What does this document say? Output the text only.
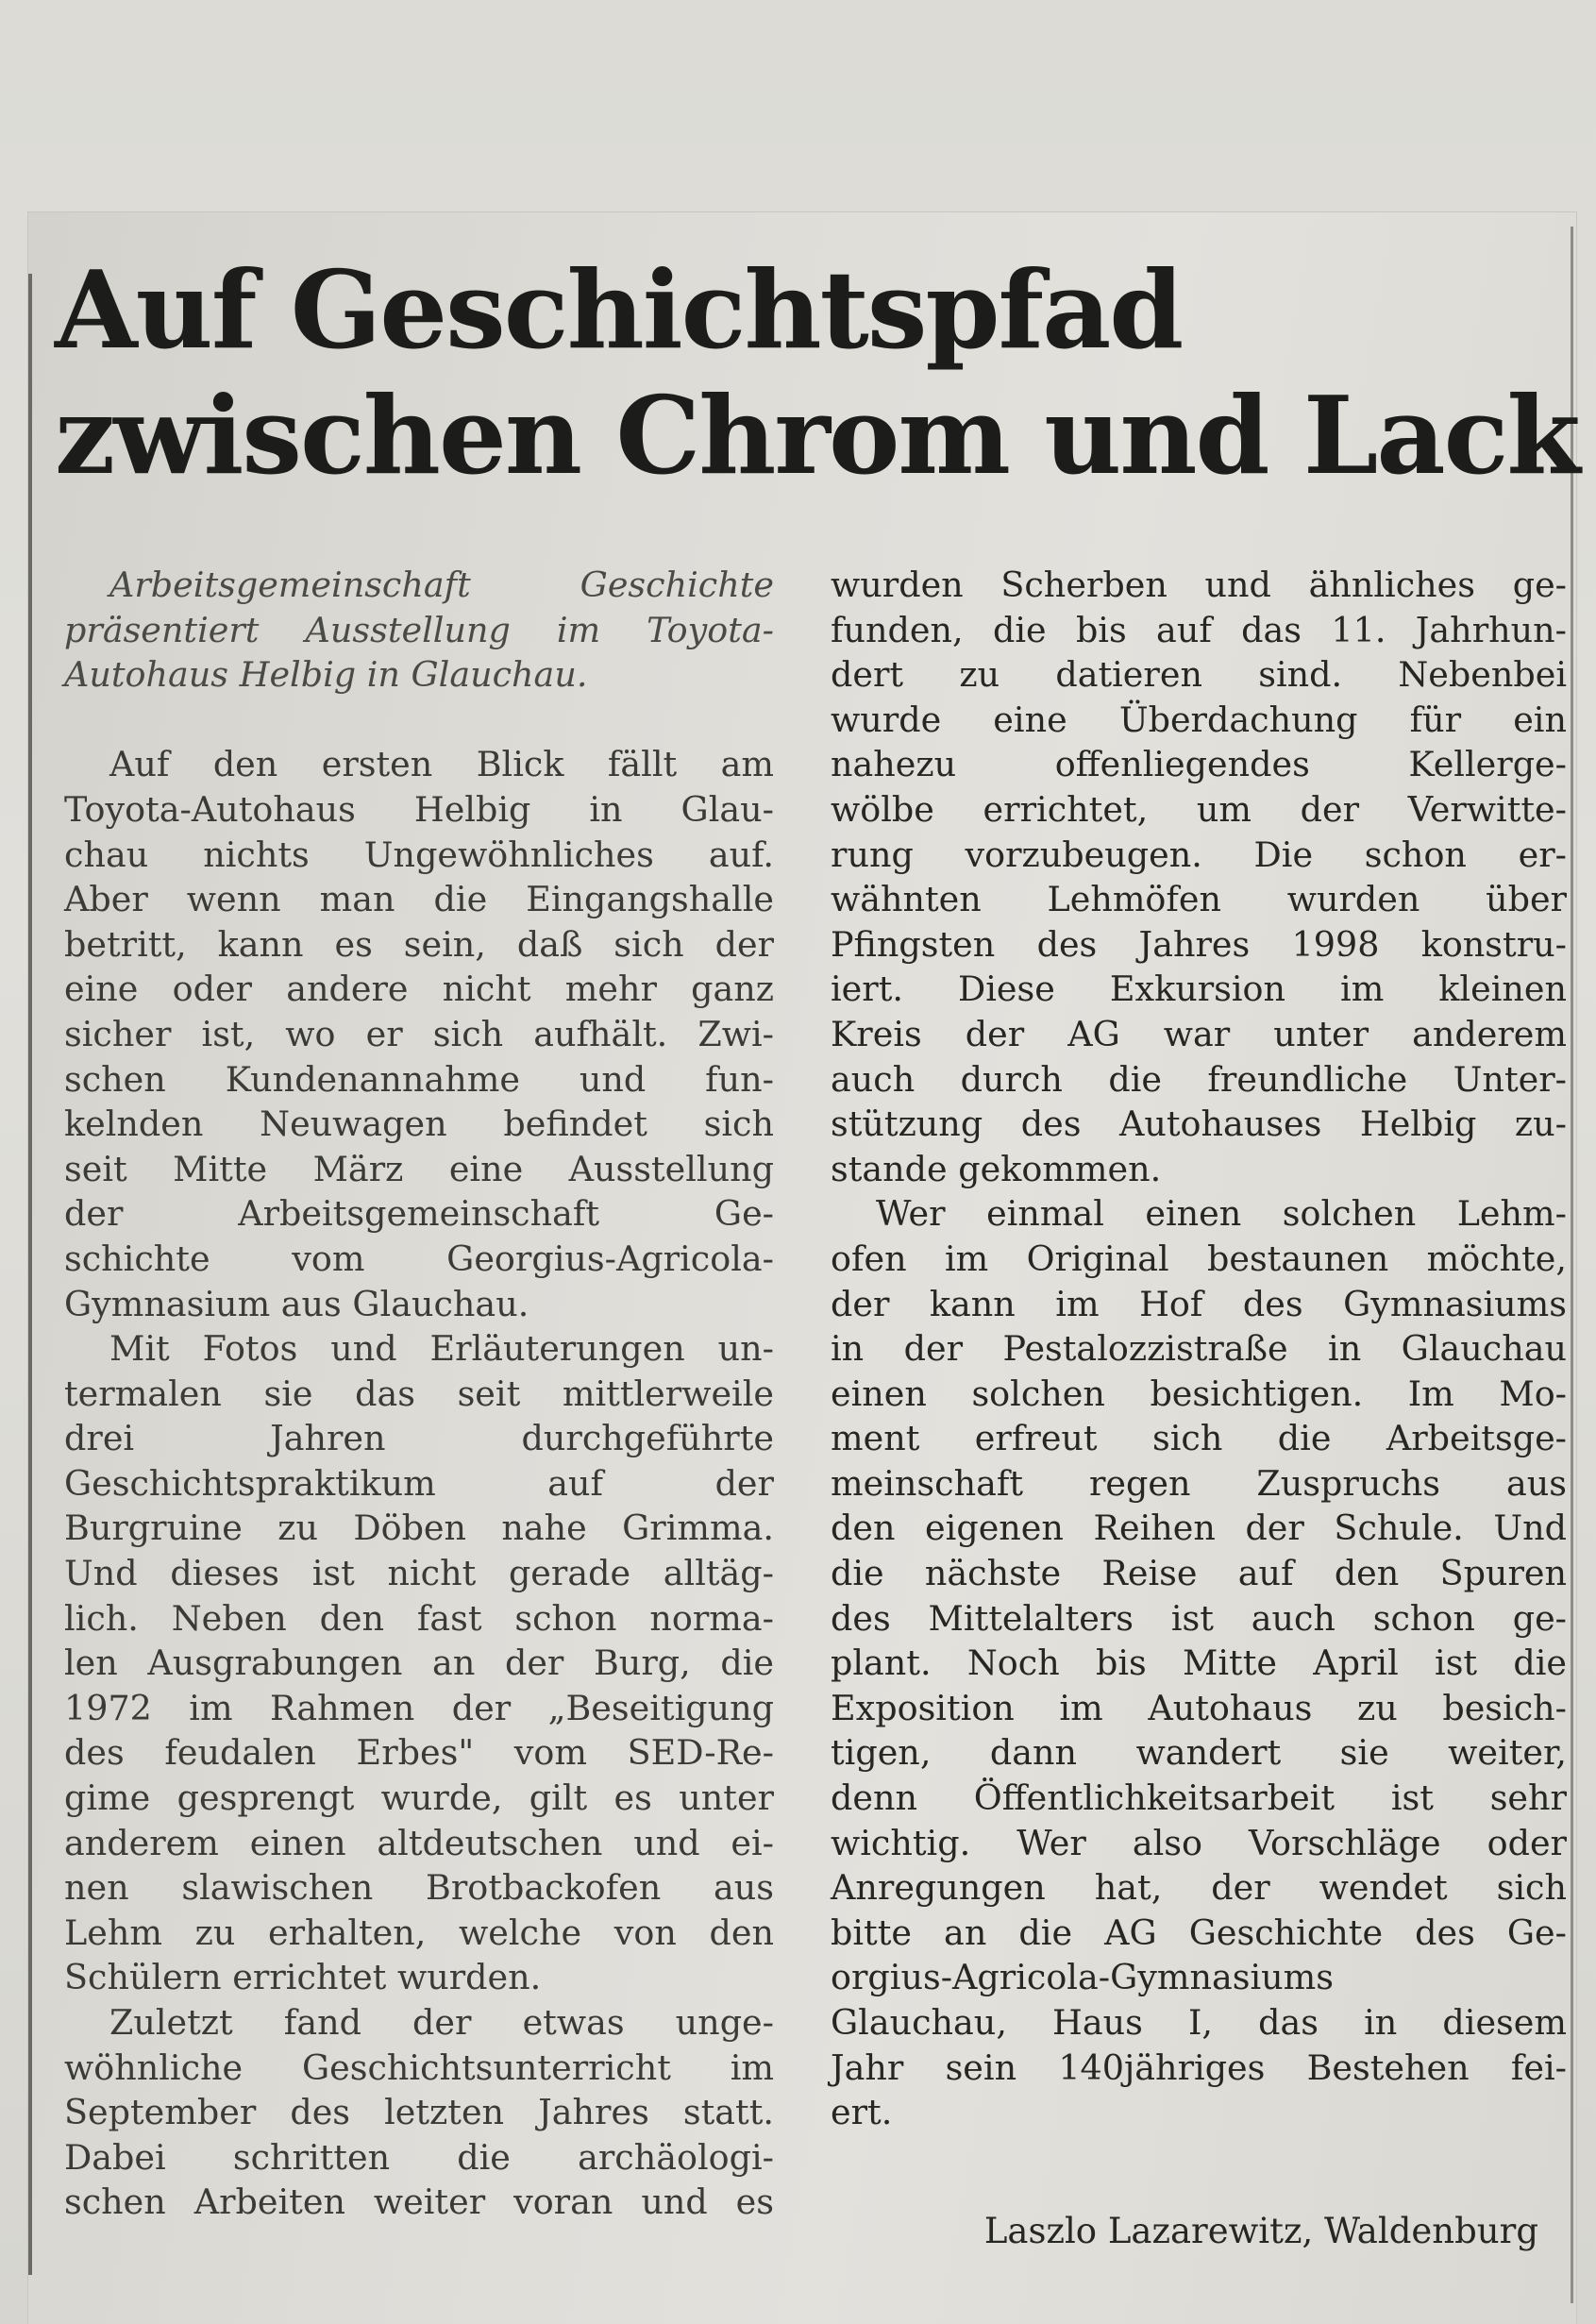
Auf Geschichtspfad
zwischen Chrom und Lack
Arbeitsgemeinschaft Geschichte
präsentiert Ausstellung im Toyota-
Autohaus Helbig in Glauchau.
Auf den ersten Blick fällt am
Toyota-Autohaus Helbig in Glau-
chau nichts Ungewöhnliches auf.
Aber wenn man die Eingangshalle
betritt, kann es sein, daß sich der
eine oder andere nicht mehr ganz
sicher ist, wo er sich aufhält. Zwi-
schen Kundenannahme und fun-
kelnden Neuwagen befindet sich
seit Mitte März eine Ausstellung
der Arbeitsgemeinschaft Ge-
schichte vom Georgius-Agricola-
Gymnasium aus Glauchau.
Mit Fotos und Erläuterungen un-
termalen sie das seit mittlerweile
drei Jahren durchgeführte
Geschichtspraktikum auf der
Burgruine zu Döben nahe Grimma.
Und dieses ist nicht gerade alltäg-
lich. Neben den fast schon norma-
len Ausgrabungen an der Burg, die
1972 im Rahmen der „Beseitigung
des feudalen Erbes" vom SED-Re-
gime gesprengt wurde, gilt es unter
anderem einen altdeutschen und ei-
nen slawischen Brotbackofen aus
Lehm zu erhalten, welche von den
Schülern errichtet wurden.
Zuletzt fand der etwas unge-
wöhnliche Geschichtsunterricht im
September des letzten Jahres statt.
Dabei schritten die archäologi-
schen Arbeiten weiter voran und es
wurden Scherben und ähnliches ge-
funden, die bis auf das 11. Jahrhun-
dert zu datieren sind. Nebenbei
wurde eine Überdachung für ein
nahezu offenliegendes Kellerge-
wölbe errichtet, um der Verwitte-
rung vorzubeugen. Die schon er-
wähnten Lehmöfen wurden über
Pfingsten des Jahres 1998 konstru-
iert. Diese Exkursion im kleinen
Kreis der AG war unter anderem
auch durch die freundliche Unter-
stützung des Autohauses Helbig zu-
stande gekommen.
Wer einmal einen solchen Lehm-
ofen im Original bestaunen möchte,
der kann im Hof des Gymnasiums
in der Pestalozzistraße in Glauchau
einen solchen besichtigen. Im Mo-
ment erfreut sich die Arbeitsge-
meinschaft regen Zuspruchs aus
den eigenen Reihen der Schule. Und
die nächste Reise auf den Spuren
des Mittelalters ist auch schon ge-
plant. Noch bis Mitte April ist die
Exposition im Autohaus zu besich-
tigen, dann wandert sie weiter,
denn Öffentlichkeitsarbeit ist sehr
wichtig. Wer also Vorschläge oder
Anregungen hat, der wendet sich
bitte an die AG Geschichte des Ge-
orgius-Agricola-Gymnasiums
Glauchau, Haus I, das in diesem
Jahr sein 140jähriges Bestehen fei-
ert.
Laszlo Lazarewitz, Waldenburg
